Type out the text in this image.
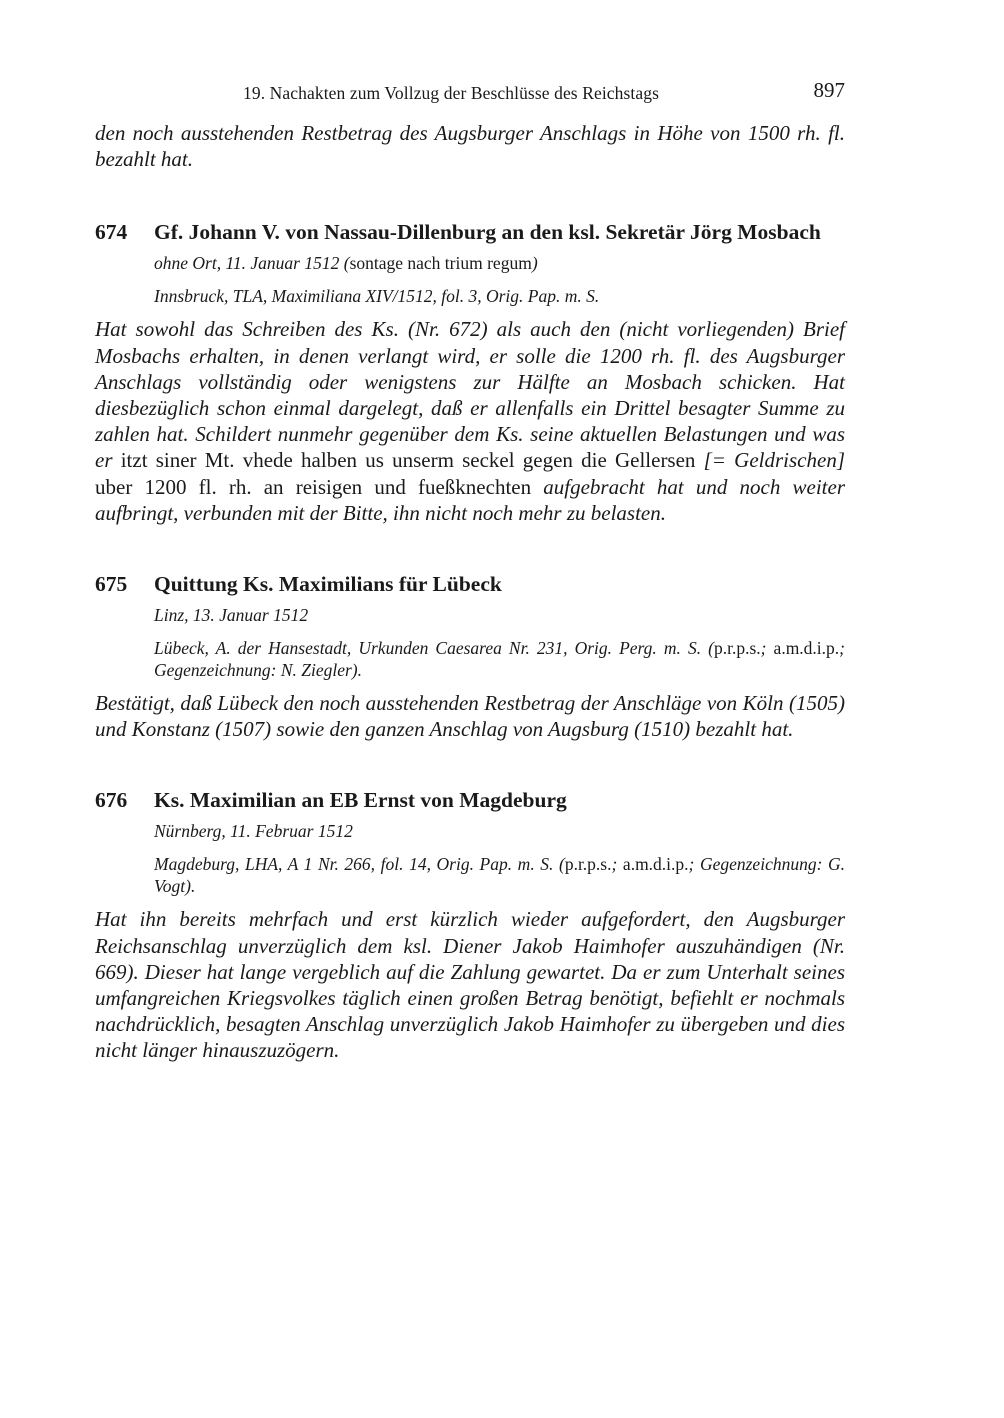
19. Nachakten zum Vollzug der Beschlüsse des Reichstags	897

den noch ausstehenden Restbetrag des Augsburger Anschlags in Höhe von 1500 rh. fl. bezahlt hat.

674	Gf. Johann V. von Nassau-Dillenburg an den ksl. Sekretär Jörg Mosbach
ohne Ort, 11. Januar 1512 (sontage nach trium regum)
Innsbruck, TLA, Maximiliana XIV/1512, fol. 3, Orig. Pap. m. S.

Hat sowohl das Schreiben des Ks. (Nr. 672) als auch den (nicht vorliegenden) Brief Mosbachs erhalten, in denen verlangt wird, er solle die 1200 rh. fl. des Augsburger Anschlags vollständig oder wenigstens zur Hälfte an Mosbach schicken. Hat diesbezüglich schon einmal dargelegt, daß er allenfalls ein Drittel besagter Summe zu zahlen hat. Schildert nunmehr gegenüber dem Ks. seine aktuellen Belastungen und was er itzt siner Mt. vhede halben us unserm seckel gegen die Gellersen [= Geldrischen] uber 1200 fl. rh. an reisigen und fueßknechten aufgebracht hat und noch weiter aufbringt, verbunden mit der Bitte, ihn nicht noch mehr zu belasten.

675	Quittung Ks. Maximilians für Lübeck
Linz, 13. Januar 1512
Lübeck, A. der Hansestadt, Urkunden Caesarea Nr. 231, Orig. Perg. m. S. (p.r.p.s.; a.m.d.i.p.; Gegenzeichnung: N. Ziegler).

Bestätigt, daß Lübeck den noch ausstehenden Restbetrag der Anschläge von Köln (1505) und Konstanz (1507) sowie den ganzen Anschlag von Augsburg (1510) bezahlt hat.

676	Ks. Maximilian an EB Ernst von Magdeburg
Nürnberg, 11. Februar 1512
Magdeburg, LHA, A 1 Nr. 266, fol. 14, Orig. Pap. m. S. (p.r.p.s.; a.m.d.i.p.; Gegenzeichnung: G. Vogt).

Hat ihn bereits mehrfach und erst kürzlich wieder aufgefordert, den Augsburger Reichsanschlag unverzüglich dem ksl. Diener Jakob Haimhofer auszuhändigen (Nr. 669). Dieser hat lange vergeblich auf die Zahlung gewartet. Da er zum Unterhalt seines umfangreichen Kriegsvolkes täglich einen großen Betrag benötigt, befiehlt er nochmals nachdrücklich, besagten Anschlag unverzüglich Jakob Haimhofer zu übergeben und dies nicht länger hinauszuzögern.
